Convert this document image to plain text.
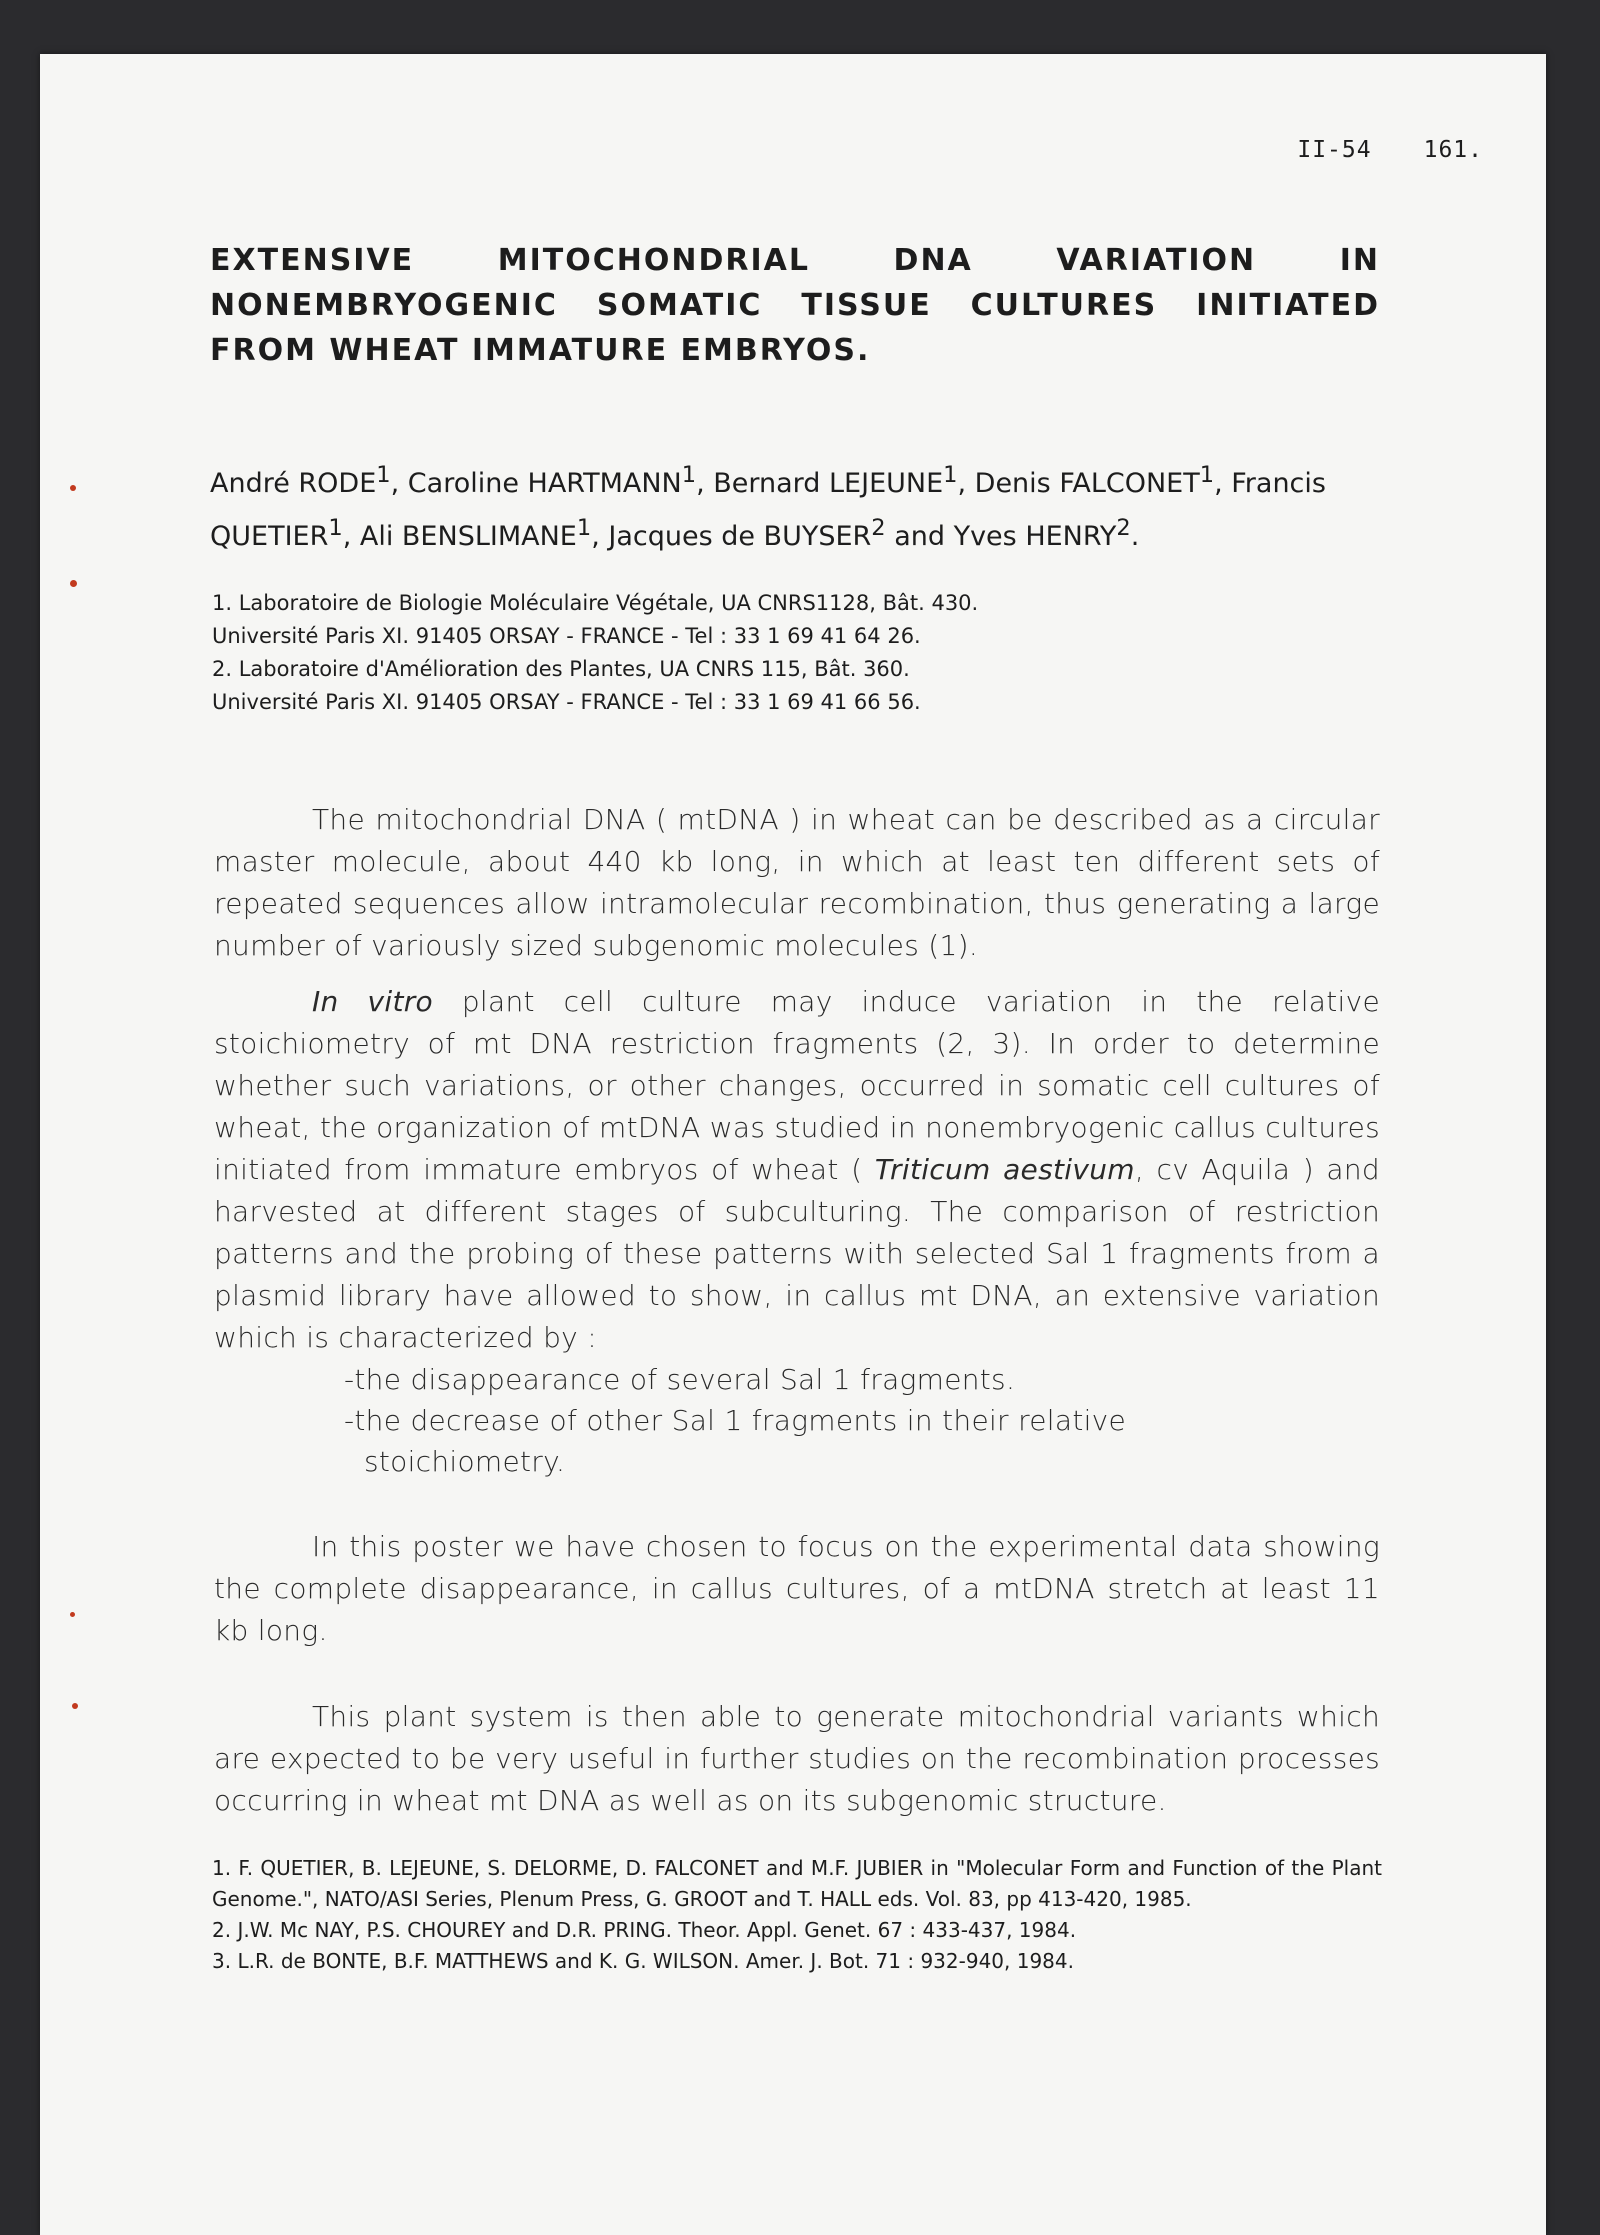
II-54 161.
EXTENSIVE MITOCHONDRIAL DNA VARIATION IN NONEMBRYOGENIC SOMATIC TISSUE CULTURES INITIATED FROM WHEAT IMMATURE EMBRYOS.
André RODE$^1$, Caroline HARTMANN$^1$, Bernard LEJEUNE$^1$, Denis FALCONET$^1$, Francis QUETIER$^1$, Ali BENSLIMANE$^1$, Jacques de BUYSER$^2$ and Yves HENRY$^2$.
1. Laboratoire de Biologie Moléculaire Végétale, UA CNRS1128, Bât. 430.
Université Paris XI. 91405 ORSAY - FRANCE - Tel : 33 1 69 41 64 26.
2. Laboratoire d'Amélioration des Plantes, UA CNRS 115, Bât. 360.
Université Paris XI. 91405 ORSAY - FRANCE - Tel : 33 1 69 41 66 56.

The mitochondrial DNA ( mtDNA ) in wheat can be described as a circular master molecule, about 440 kb long, in which at least ten different sets of repeated sequences allow intramolecular recombination, thus generating a large number of variously sized subgenomic molecules (1).

In vitro plant cell culture may induce variation in the relative stoichiometry of mt DNA restriction fragments (2, 3). In order to determine whether such variations, or other changes, occurred in somatic cell cultures of wheat, the organization of mtDNA was studied in nonembryogenic callus cultures initiated from immature embryos of wheat ( Triticum aestivum, cv Aquila ) and harvested at different stages of subculturing. The comparison of restriction patterns and the probing of these patterns with selected Sal 1 fragments from a plasmid library have allowed to show, in callus mt DNA, an extensive variation which is characterized by :

-the disappearance of several Sal 1 fragments.
-the decrease of other Sal 1 fragments in their relative
stoichiometry.

In this poster we have chosen to focus on the experimental data showing the complete disappearance, in callus cultures, of a mtDNA stretch at least 11 kb long.

This plant system is then able to generate mitochondrial variants which are expected to be very useful in further studies on the recombination processes occurring in wheat mt DNA as well as on its subgenomic structure.

1. F. QUETIER, B. LEJEUNE, S. DELORME, D. FALCONET and M.F. JUBIER in "Molecular Form and Function of the Plant Genome.", NATO/ASI Series, Plenum Press, G. GROOT and T. HALL eds. Vol. 83, pp 413-420, 1985.
2. J.W. Mc NAY, P.S. CHOUREY and D.R. PRING. Theor. Appl. Genet. 67 : 433-437, 1984.
3. L.R. de BONTE, B.F. MATTHEWS and K. G. WILSON. Amer. J. Bot. 71 : 932-940, 1984.
